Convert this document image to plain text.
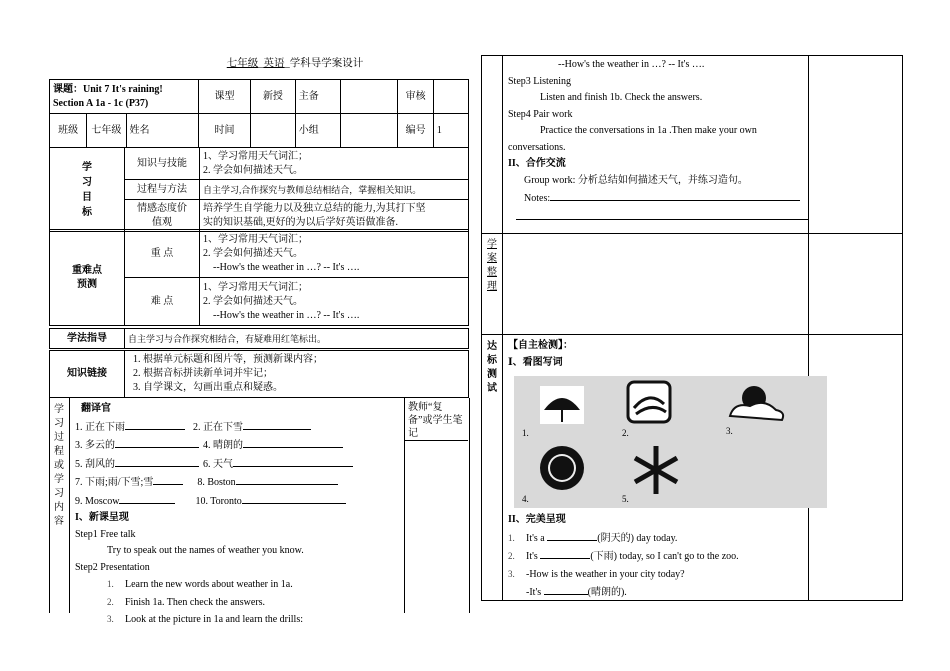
七年级_英语_学科导学案设计
课题：Unit 7 It's raining!
Section A 1a - 1c (P37)			课型	新授	主备		审核	
班级	七年级	姓名	时间		小组		编号	1
学习目标	知识与技能	1、学习常用天气词汇；
2. 学会如何描述天气。

	过程与方法	自主学习,合作探究与教师总结相结合，掌握相关知识。

	情感态度价值观	培养学生自学能力以及独立总结的能力,为其打下坚
实的知识基础,更好的为以后学好英语做准备.
重难点预测	重 点	1、学习常用天气词汇；
2. 学会如何描述天气。
--How's the weather in …? -- It's ….

	难 点	1、学习常用天气词汇；
2. 学会如何描述天气。
--How's the weather in …? -- It's ….
学法指导	自主学习与合作探究相结合，有疑难用红笔标出。
知识链接	
1. 根据单元标题和图片等，预测新课内容；
2. 根据音标拼读新单词并牢记；
3. 自学课文，勾画出重点和疑惑。
学习过程或学习内容
教师“复备”或学生笔记
翻译官
1. 正在下雨	2. 正在下雪
3. 多云的	4. 晴朗的
5. 刮风的	6. 天气
7. 下雨;雨/下雪;雪	8. Boston
9. Moscow	10. Toronto
I、新课呈现
Step1 Free talk
Try to speak out the names of weather you know.
Step2 Presentation
1. Learn the new words about weather in 1a.
2. Finish 1a. Then check the answers.
3. Look at the picture in 1a and learn the drills:
--How's the weather in …? -- It's ….
Step3 Listening
Listen and finish 1b. Check the answers.
Step4 Pair work
Practice the conversations in 1a .Then make your own
conversations.
II、合作交流
Group work: 分析总结如何描述天气，并练习造句。
Notes:
学案整理
达标测试
【自主检测】：
Ⅰ、看图写词
1.	2.	3.
4.	5.
II、完美呈现
1. It's a	(阴天的) day today.
2. It's	(下雨) today, so I can't go to the zoo.
3. -How is the weather in your city today?
-It's	(晴朗的).
